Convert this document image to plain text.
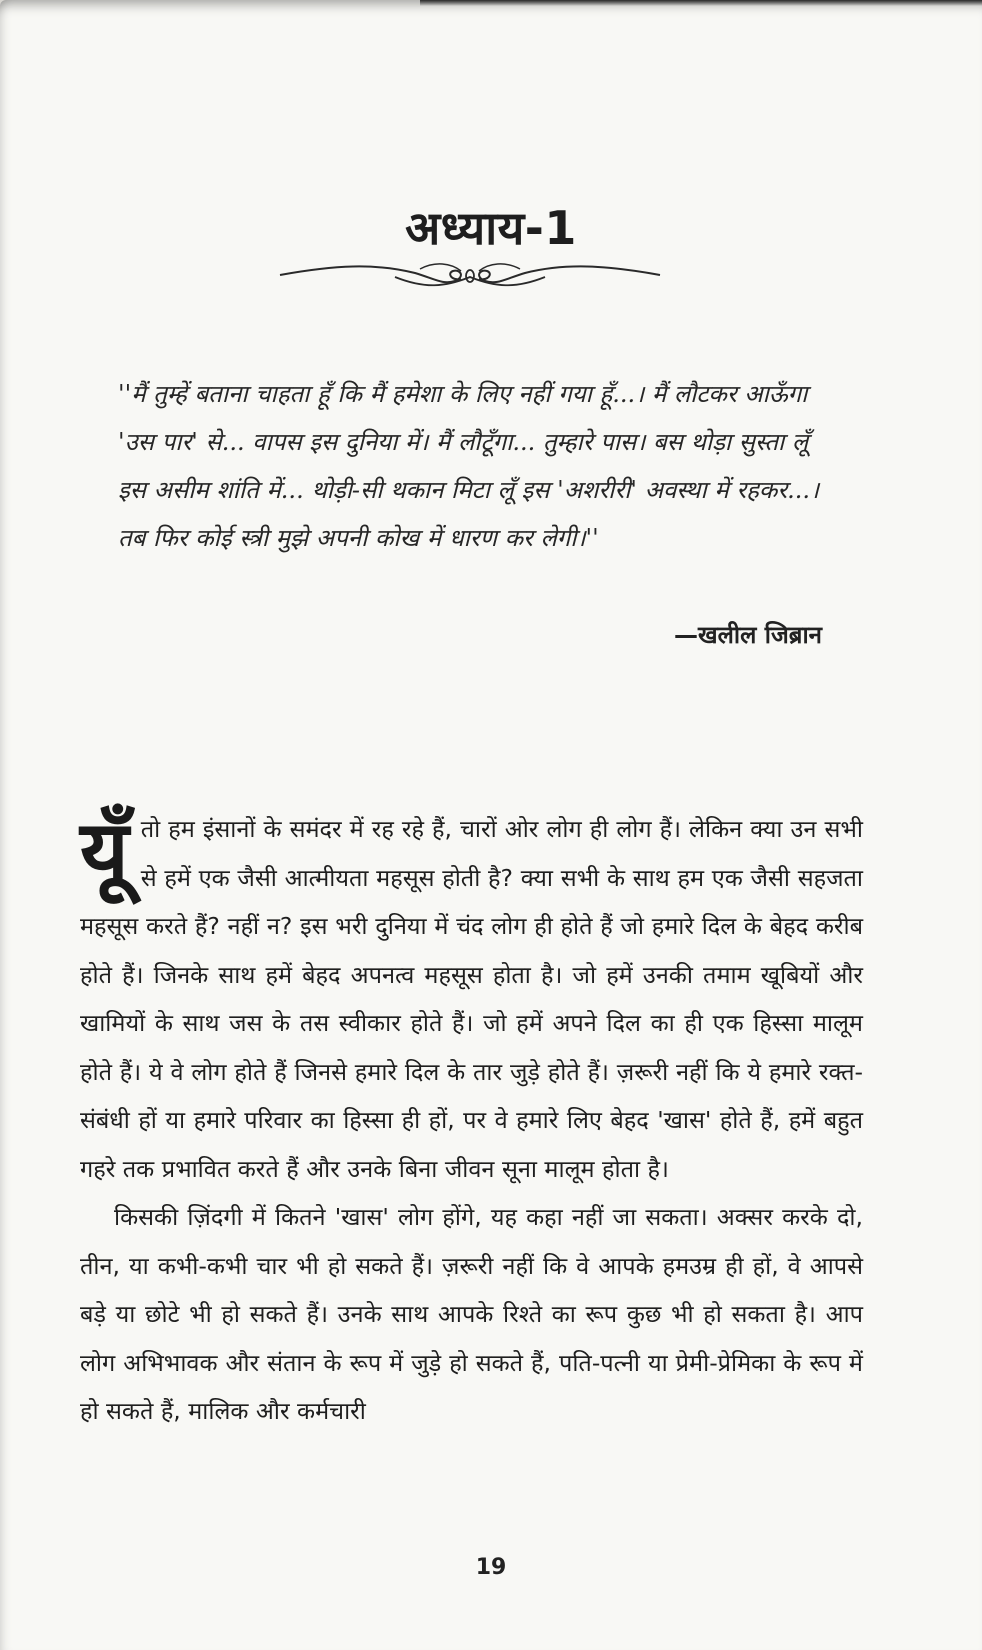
अध्याय-1
''मैं तुम्हें बताना चाहता हूँ कि मैं हमेशा के लिए नहीं गया हूँ...। मैं लौटकर आऊँगा 'उस पार' से... वापस इस दुनिया में। मैं लौटूँगा... तुम्हारे पास। बस थोड़ा सुस्ता लूँ इस असीम शांति में... थोड़ी-सी थकान मिटा लूँ इस 'अशरीरी' अवस्था में रहकर...। तब फिर कोई स्त्री मुझे अपनी कोख में धारण कर लेगी।''
—खलील जिब्रान

यूँतो हम इंसानों के समंदर में रह रहे हैं, चारों ओर लोग ही लोग हैं। लेकिन क्या उन सभी से हमें एक जैसी आत्मीयता महसूस होती है? क्या सभी के साथ हम एक जैसी सहजता महसूस करते हैं? नहीं न? इस भरी दुनिया में चंद लोग ही होते हैं जो हमारे दिल के बेहद करीब होते हैं। जिनके साथ हमें बेहद अपनत्व महसूस होता है। जो हमें उनकी तमाम खूबियों और खामियों के साथ जस के तस स्वीकार होते हैं। जो हमें अपने दिल का ही एक हिस्सा मालूम होते हैं। ये वे लोग होते हैं जिनसे हमारे दिल के तार जुड़े होते हैं। ज़रूरी नहीं कि ये हमारे रक्त-संबंधी हों या हमारे परिवार का हिस्सा ही हों, पर वे हमारे लिए बेहद 'खास' होते हैं, हमें बहुत गहरे तक प्रभावित करते हैं और उनके बिना जीवन सूना मालूम होता है।

किसकी ज़िंदगी में कितने 'खास' लोग होंगे, यह कहा नहीं जा सकता। अक्सर करके दो, तीन, या कभी-कभी चार भी हो सकते हैं। ज़रूरी नहीं कि वे आपके हमउम्र ही हों, वे आपसे बड़े या छोटे भी हो सकते हैं। उनके साथ आपके रिश्ते का रूप कुछ भी हो सकता है। आप लोग अभिभावक और संतान के रूप में जुड़े हो सकते हैं, पति-पत्नी या प्रेमी-प्रेमिका के रूप में हो सकते हैं, मालिक और कर्मचारी

19
